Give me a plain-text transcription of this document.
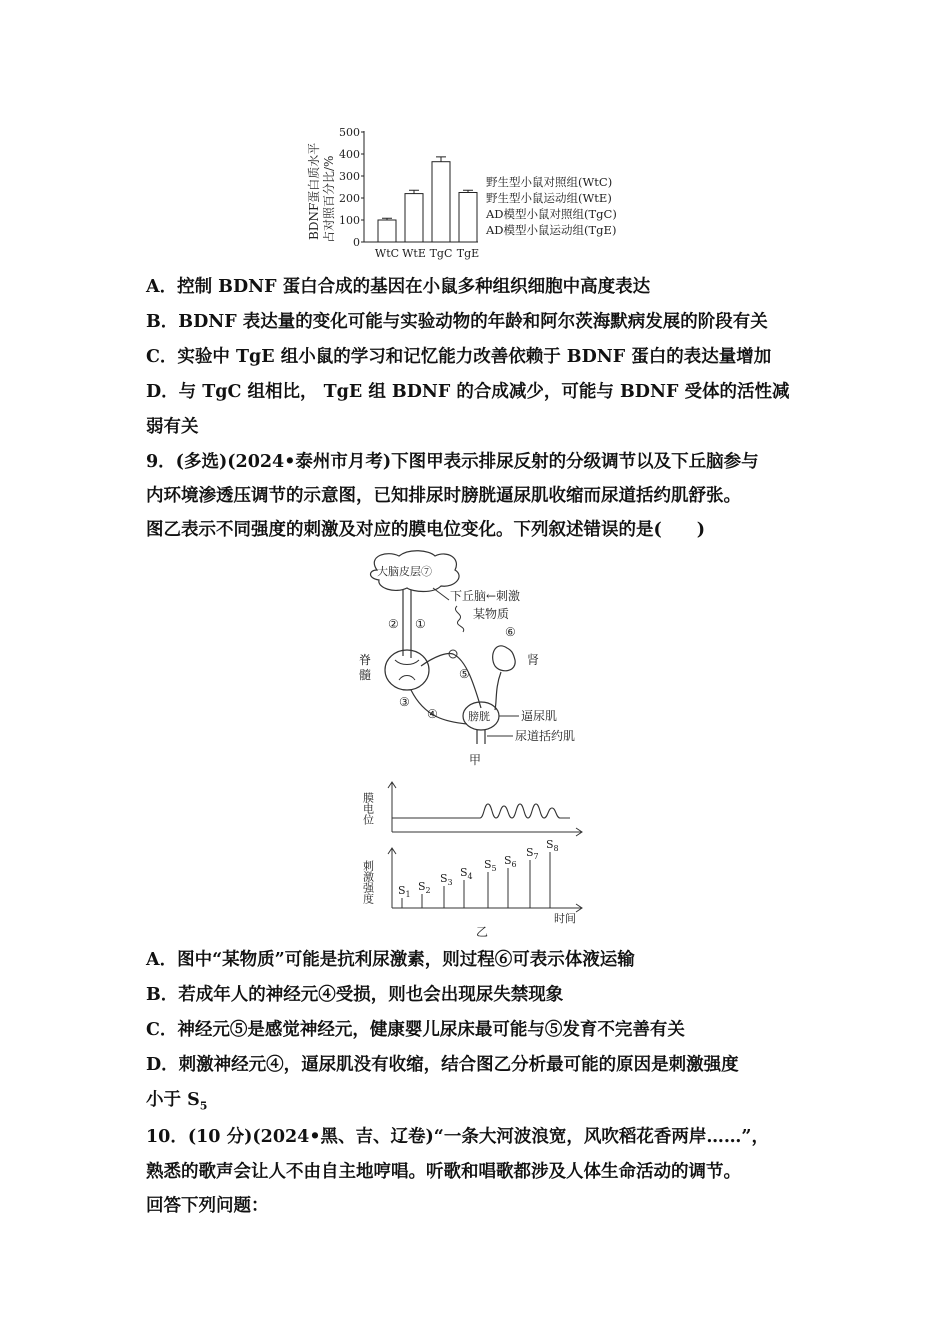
BDNF蛋白质水平 占对照百分比/%
500
400
300
200
100
0
WtC WtE TgC TgE
野生型小鼠对照组(WtC)
野生型小鼠运动组(WtE)
AD模型小鼠对照组(TgC)
AD模型小鼠运动组(TgE)
A．控制 BDNF 蛋白合成的基因在小鼠多种组织细胞中高度表达
B．BDNF 表达量的变化可能与实验动物的年龄和阿尔茨海默病发展的阶段有关
C．实验中 TgE 组小鼠的学习和记忆能力改善依赖于 BDNF 蛋白的表达量增加
D．与 TgC 组相比， TgE 组 BDNF 的合成减少，可能与 BDNF 受体的活性减
弱有关
9．(多选)(2024•泰州市月考)下图甲表示排尿反射的分级调节以及下丘脑参与
内环境渗透压调节的示意图，已知排尿时膀胱逼尿肌收缩而尿道括约肌舒张。
图乙表示不同强度的刺激及对应的膜电位变化。下列叙述错误的是(　　)
大脑皮层⑦
下丘脑←刺激
某物质
⑥
② ①
脊
髓
③
⑤
④
肾
膀胱	逼尿肌
尿道括约肌
甲
膜电位
刺激强度 $S_1$
$S_2$
$S_3$
$S_4$
$S_5$
$S_6$
$S_7$
$S_8$
时间
乙
A．图中“某物质”可能是抗利尿激素，则过程⑥可表示体液运输
B．若成年人的神经元④受损，则也会出现尿失禁现象
C．神经元⑤是感觉神经元，健康婴儿尿床最可能与⑤发育不完善有关
D．刺激神经元④，逼尿肌没有收缩，结合图乙分析最可能的原因是刺激强度
小于 $S_5$
10．(10 分)(2024•黑、吉、辽卷)“一条大河波浪宽，风吹稻花香两岸……”，
熟悉的歌声会让人不由自主地哼唱。听歌和唱歌都涉及人体生命活动的调节。
回答下列问题：
